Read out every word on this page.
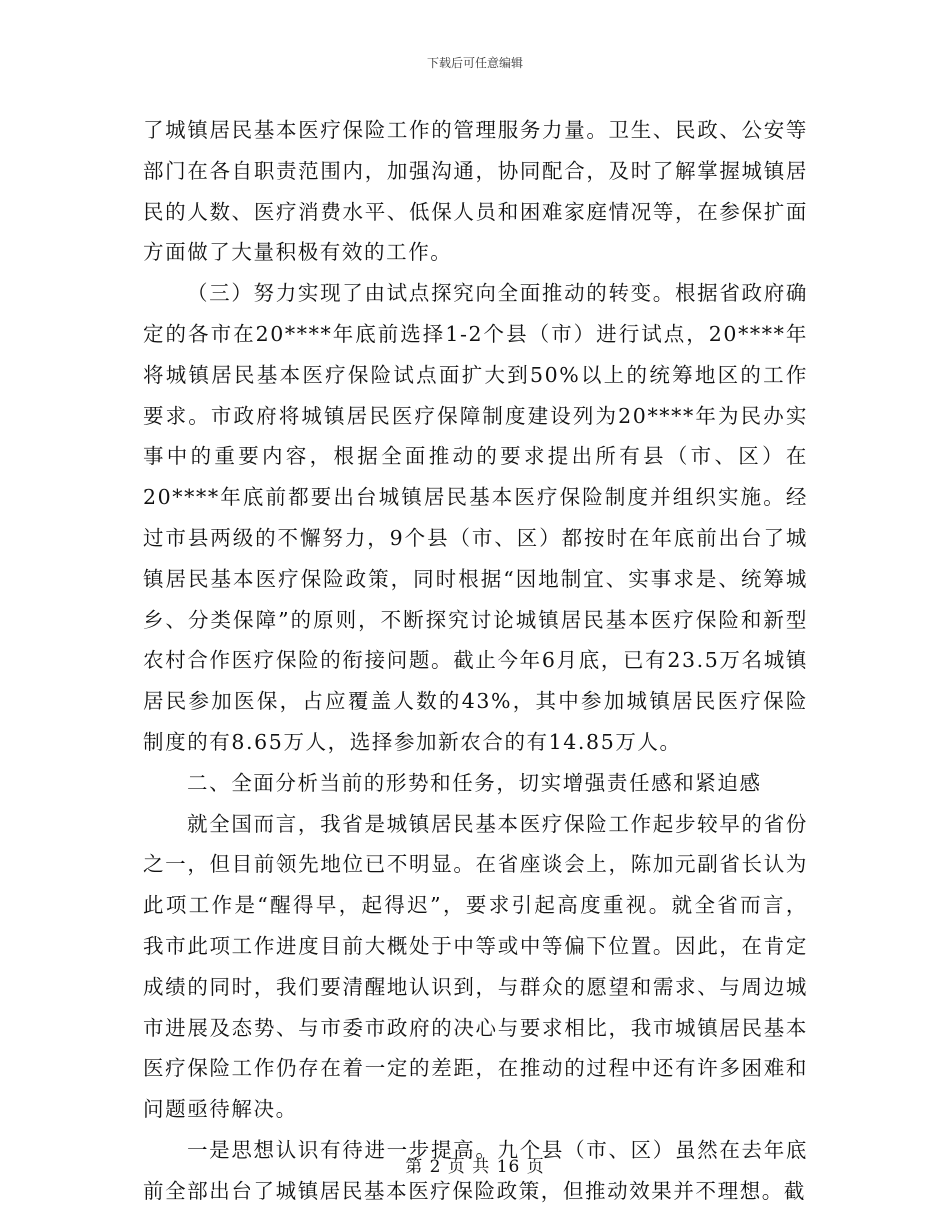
下载后可任意编辑

了城镇居民基本医疗保险工作的管理服务力量。卫生、民政、公安等部门在各自职责范围内，加强沟通，协同配合，及时了解掌握城镇居民的人数、医疗消费水平、低保人员和困难家庭情况等，在参保扩面方面做了大量积极有效的工作。

（三）努力实现了由试点探究向全面推动的转变。根据省政府确定的各市在20****年底前选择1-2个县（市）进行试点，20****年将城镇居民基本医疗保险试点面扩大到50%以上的统筹地区的工作要求。市政府将城镇居民医疗保障制度建设列为20****年为民办实事中的重要内容，根据全面推动的要求提出所有县（市、区）在20****年底前都要出台城镇居民基本医疗保险制度并组织实施。经过市县两级的不懈努力，9个县（市、区）都按时在年底前出台了城镇居民基本医疗保险政策，同时根据“因地制宜、实事求是、统筹城乡、分类保障”的原则，不断探究讨论城镇居民基本医疗保险和新型农村合作医疗保险的衔接问题。截止今年6月底，已有23.5万名城镇居民参加医保，占应覆盖人数的43%，其中参加城镇居民医疗保险制度的有8.65万人，选择参加新农合的有14.85万人。

二、全面分析当前的形势和任务，切实增强责任感和紧迫感

就全国而言，我省是城镇居民基本医疗保险工作起步较早的省份之一，但目前领先地位已不明显。在省座谈会上，陈加元副省长认为此项工作是“醒得早，起得迟”，要求引起高度重视。就全省而言，我市此项工作进度目前大概处于中等或中等偏下位置。因此，在肯定成绩的同时，我们要清醒地认识到，与群众的愿望和需求、与周边城市进展及态势、与市委市政府的决心与要求相比，我市城镇居民基本医疗保险工作仍存在着一定的差距，在推动的过程中还有许多困难和问题亟待解决。

一是思想认识有待进一步提高。九个县（市、区）虽然在去年底前全部出台了城镇居民基本医疗保险政策，但推动效果并不理想。截

第 2 页 共 16 页
